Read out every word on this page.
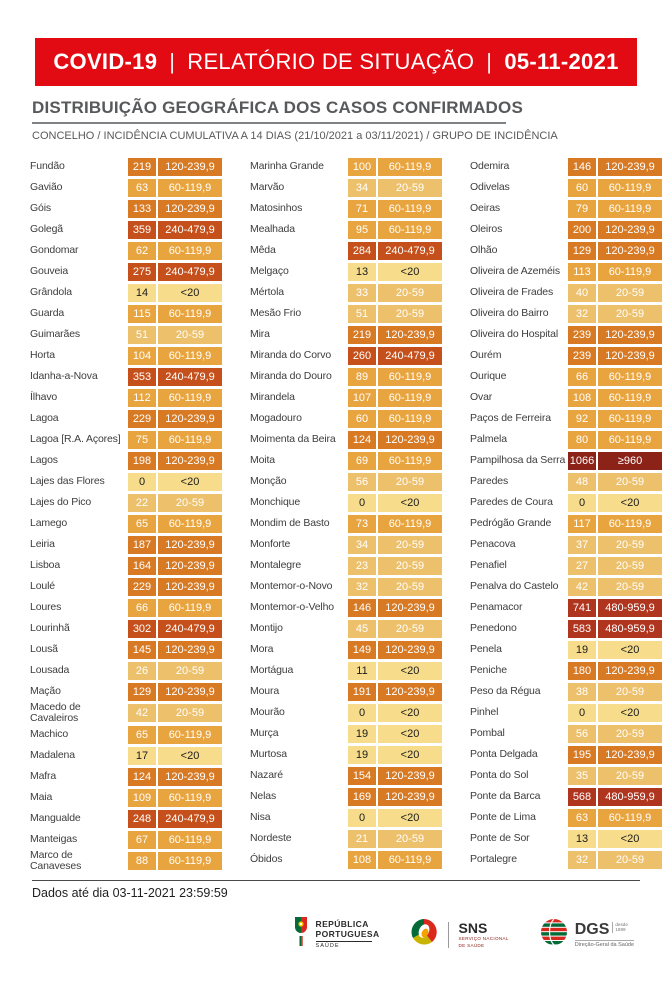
COVID-19 | RELATÓRIO DE SITUAÇÃO | 05-11-2021
DISTRIBUIÇÃO GEOGRÁFICA DOS CASOS CONFIRMADOS
CONCELHO / INCIDÊNCIA CUMULATIVA A 14 DIAS (21/10/2021 a 03/11/2021) / GRUPO DE INCIDÊNCIA
Fundão	219	120-239,9
Gavião	63	60-119,9
Góis	133	120-239,9
Golegã	359	240-479,9
Gondomar	62	60-119,9
Gouveia	275	240-479,9
Grândola	14	<20
Guarda	115	60-119,9
Guimarães	51	20-59
Horta	104	60-119,9
Idanha-a-Nova	353	240-479,9
Ílhavo	112	60-119,9
Lagoa	229	120-239,9
Lagoa [R.A. Açores]	75	60-119,9
Lagos	198	120-239,9
Lajes das Flores	0	<20
Lajes do Pico	22	20-59
Lamego	65	60-119,9
Leiria	187	120-239,9
Lisboa	164	120-239,9
Loulé	229	120-239,9
Loures	66	60-119,9
Lourinhã	302	240-479,9
Lousã	145	120-239,9
Lousada	26	20-59
Mação	129	120-239,9
Macedo de Cavaleiros	42	20-59
Machico	65	60-119,9
Madalena	17	<20
Mafra	124	120-239,9
Maia	109	60-119,9
Mangualde	248	240-479,9
Manteigas	67	60-119,9
Marco de Canaveses	88	60-119,9
Marinha Grande	100	60-119,9
Marvão	34	20-59
Matosinhos	71	60-119,9
Mealhada	95	60-119,9
Mêda	284	240-479,9
Melgaço	13	<20
Mértola	33	20-59
Mesão Frio	51	20-59
Mira	219	120-239,9
Miranda do Corvo	260	240-479,9
Miranda do Douro	89	60-119,9
Mirandela	107	60-119,9
Mogadouro	60	60-119,9
Moimenta da Beira	124	120-239,9
Moita	69	60-119,9
Monção	56	20-59
Monchique	0	<20
Mondim de Basto	73	60-119,9
Monforte	34	20-59
Montalegre	23	20-59
Montemor-o-Novo	32	20-59
Montemor-o-Velho	146	120-239,9
Montijo	45	20-59
Mora	149	120-239,9
Mortágua	11	<20
Moura	191	120-239,9
Mourão	0	<20
Murça	19	<20
Murtosa	19	<20
Nazaré	154	120-239,9
Nelas	169	120-239,9
Nisa	0	<20
Nordeste	21	20-59
Óbidos	108	60-119,9
Odemira	146	120-239,9
Odivelas	60	60-119,9
Oeiras	79	60-119,9
Oleiros	200	120-239,9
Olhão	129	120-239,9
Oliveira de Azeméis	113	60-119,9
Oliveira de Frades	40	20-59
Oliveira do Bairro	32	20-59
Oliveira do Hospital	239	120-239,9
Ourém	239	120-239,9
Ourique	66	60-119,9
Ovar	108	60-119,9
Paços de Ferreira	92	60-119,9
Palmela	80	60-119,9
Pampilhosa da Serra 1066	≥960
Paredes	48	20-59
Paredes de Coura	0	<20
Pedrógão Grande	117	60-119,9
Penacova	37	20-59
Penafiel	27	20-59
Penalva do Castelo	42	20-59
Penamacor	741	480-959,9
Penedono	583	480-959,9
Penela	19	<20
Peniche	180	120-239,9
Peso da Régua	38	20-59
Pinhel	0	<20
Pombal	56	20-59
Ponta Delgada	195	120-239,9
Ponta do Sol	35	20-59
Ponte da Barca	568	480-959,9
Ponte de Lima	63	60-119,9
Ponte de Sor	13	<20
Portalegre	32	20-59
Dados até dia 03-11-2021 23:59:59
REPÚBLICA
PORTUGUESA
SAÚDE
SNS
SERVIÇO NACIONAL
DE SAÚDE
DGS	desde
1899
Direção-Geral da Saúde
